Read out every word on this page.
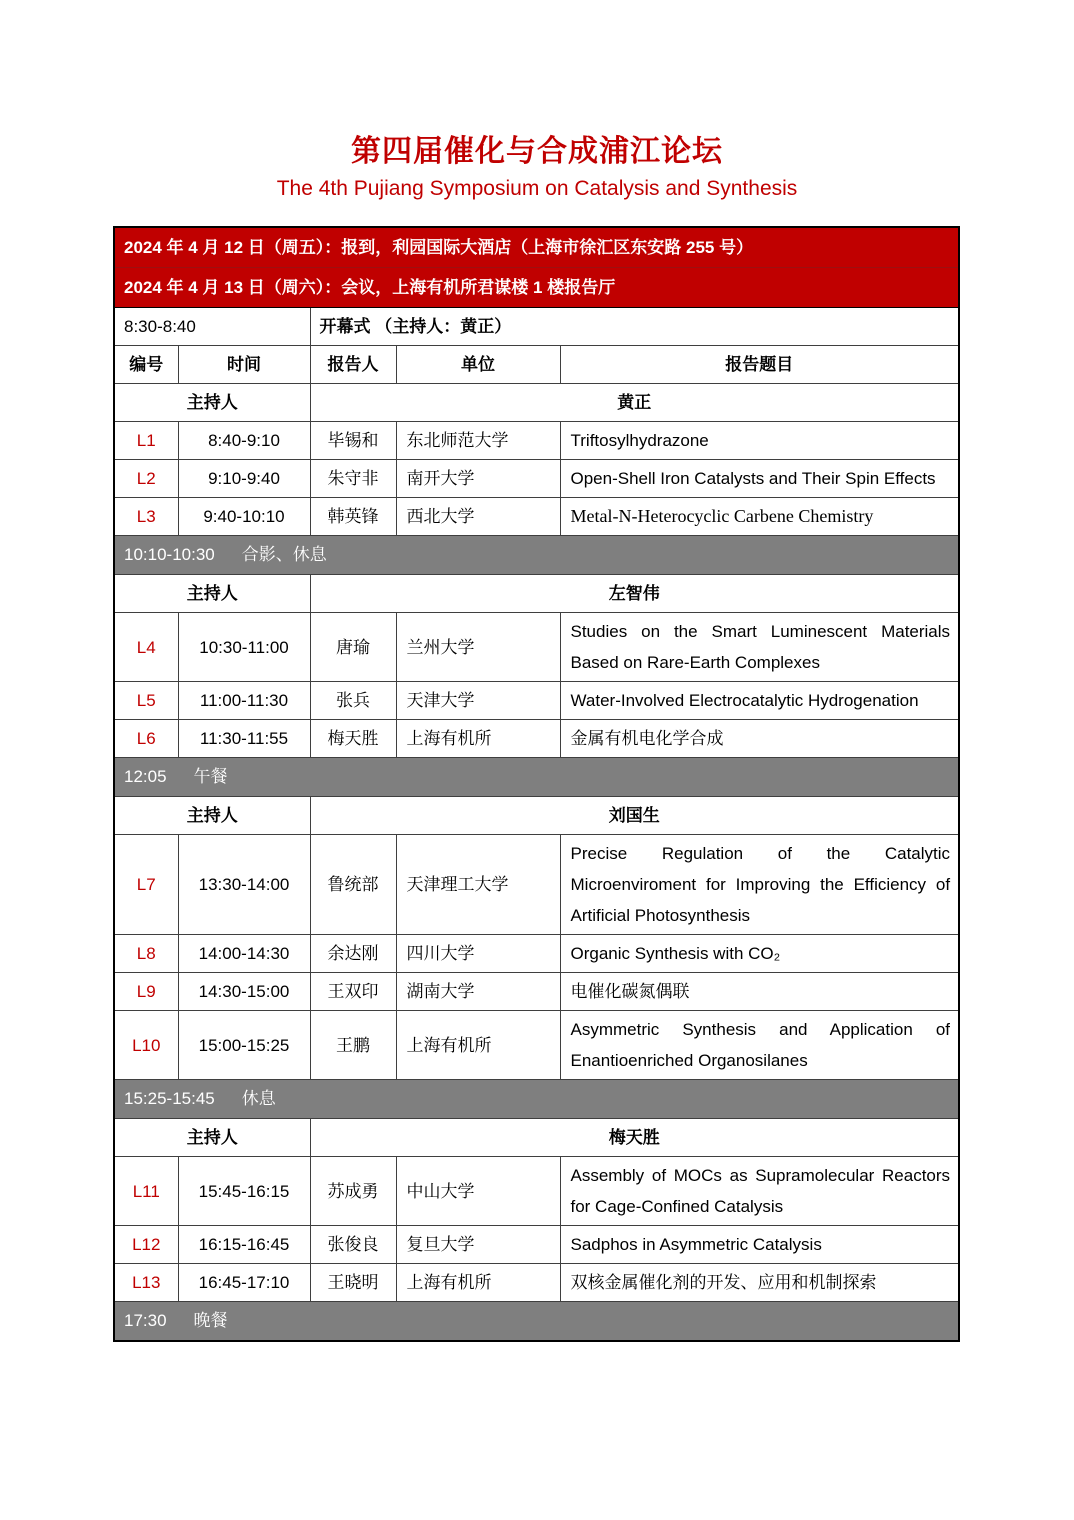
第四届催化与合成浦江论坛
The 4th Pujiang Symposium on Catalysis and Synthesis
2024 年 4 月 12 日（周五）：报到，利园国际大酒店（上海市徐汇区东安路 255 号）				
2024 年 4 月 13 日（周六）：会议，上海有机所君谋楼 1 楼报告厅				
8:30-8:40		开幕式 （主持人：黄正）		
编号	时间	报告人	单位	报告题目
主持人		黄正		
L1	8:40-9:10	毕锡和	东北师范大学	Triftosylhydrazone
L2	9:10-9:40	朱守非	南开大学	Open-Shell Iron Catalysts and Their Spin Effects
L3	9:40-10:10	韩英锋	西北大学	Metal-N-Heterocyclic Carbene Chemistry
10:10-10:30 合影、休息				
主持人		左智伟		
L4	10:30-11:00	唐瑜	兰州大学	Studies on the Smart Luminescent Materials Based on Rare-Earth Complexes
L5	11:00-11:30	张兵	天津大学	Water-Involved Electrocatalytic Hydrogenation
L6	11:30-11:55	梅天胜	上海有机所	金属有机电化学合成
12:05 午餐				
主持人		刘国生		
L7	13:30-14:00	鲁统部	天津理工大学	Precise Regulation of the Catalytic Microenviroment for Improving the Efficiency of Artificial Photosynthesis
L8	14:00-14:30	余达刚	四川大学	Organic Synthesis with CO₂
L9	14:30-15:00	王双印	湖南大学	电催化碳氮偶联
L10	15:00-15:25	王鹏	上海有机所	Asymmetric Synthesis and Application of Enantioenriched Organosilanes
15:25-15:45 休息				
主持人		梅天胜		
L11	15:45-16:15	苏成勇	中山大学	Assembly of MOCs as Supramolecular Reactors for Cage-Confined Catalysis
L12	16:15-16:45	张俊良	复旦大学	Sadphos in Asymmetric Catalysis
L13	16:45-17:10	王晓明	上海有机所	双核金属催化剂的开发、应用和机制探索
17:30 晚餐				
